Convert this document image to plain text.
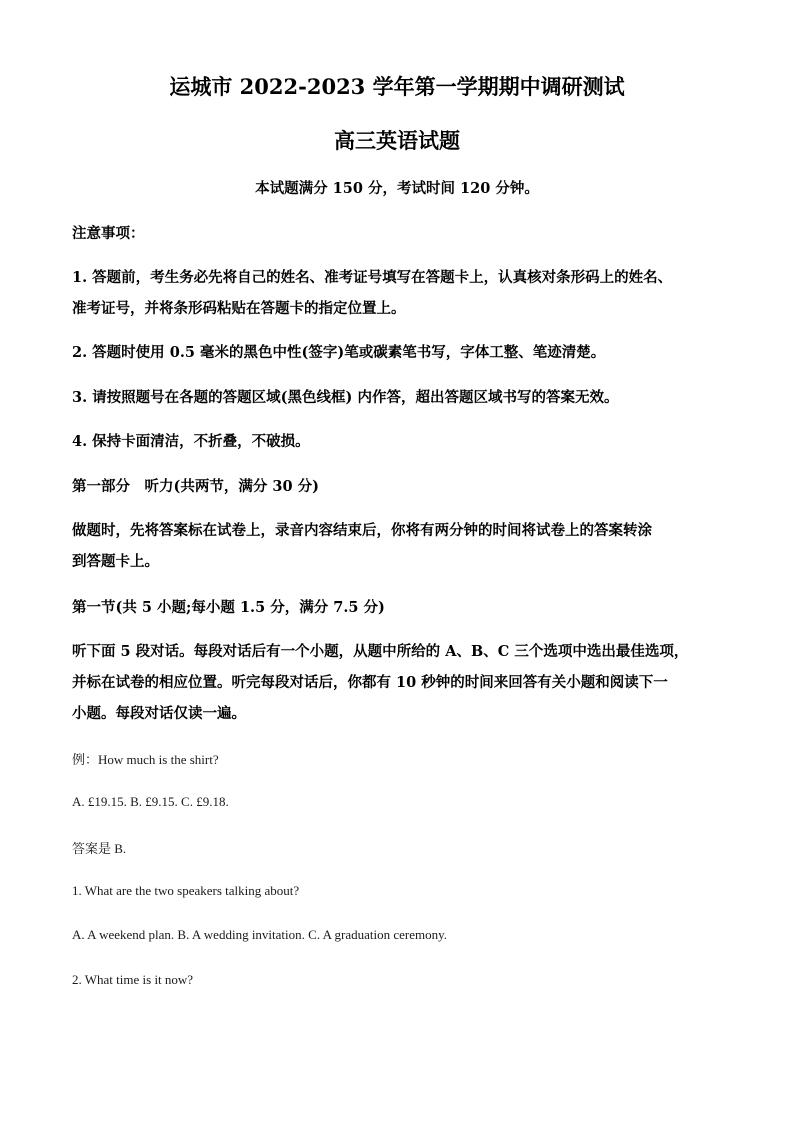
运城市 2022-2023 学年第一学期期中调研测试
高三英语试题
本试题满分 150 分，考试时间 120 分钟。
注意事项：
1. 答题前，考生务必先将自己的姓名、准考证号填写在答题卡上，认真核对条形码上的姓名、
准考证号，并将条形码粘贴在答题卡的指定位置上。
2. 答题时使用 0.5 毫米的黑色中性(签字)笔或碳素笔书写，字体工整、笔迹清楚。
3. 请按照题号在各题的答题区域(黑色线框) 内作答，超出答题区域书写的答案无效。
4. 保持卡面清洁，不折叠，不破损。
第一部分　听力(共两节，满分 30 分)
做题时，先将答案标在试卷上，录音内容结束后，你将有两分钟的时间将试卷上的答案转涂
到答题卡上。
第一节(共 5 小题;每小题 1.5 分，满分 7.5 分)
听下面 5 段对话。每段对话后有一个小题，从题中所给的 A、B、C 三个选项中选出最佳选项，
并标在试卷的相应位置。听完每段对话后，你都有 10 秒钟的时间来回答有关小题和阅读下一
小题。每段对话仅读一遍。
例：How much is the shirt?
A. £19.15. B. £9.15. C. £9.18.
答案是 B.
1. What are the two speakers talking about?
A. A weekend plan. B. A wedding invitation. C. A graduation ceremony.
2. What time is it now?
